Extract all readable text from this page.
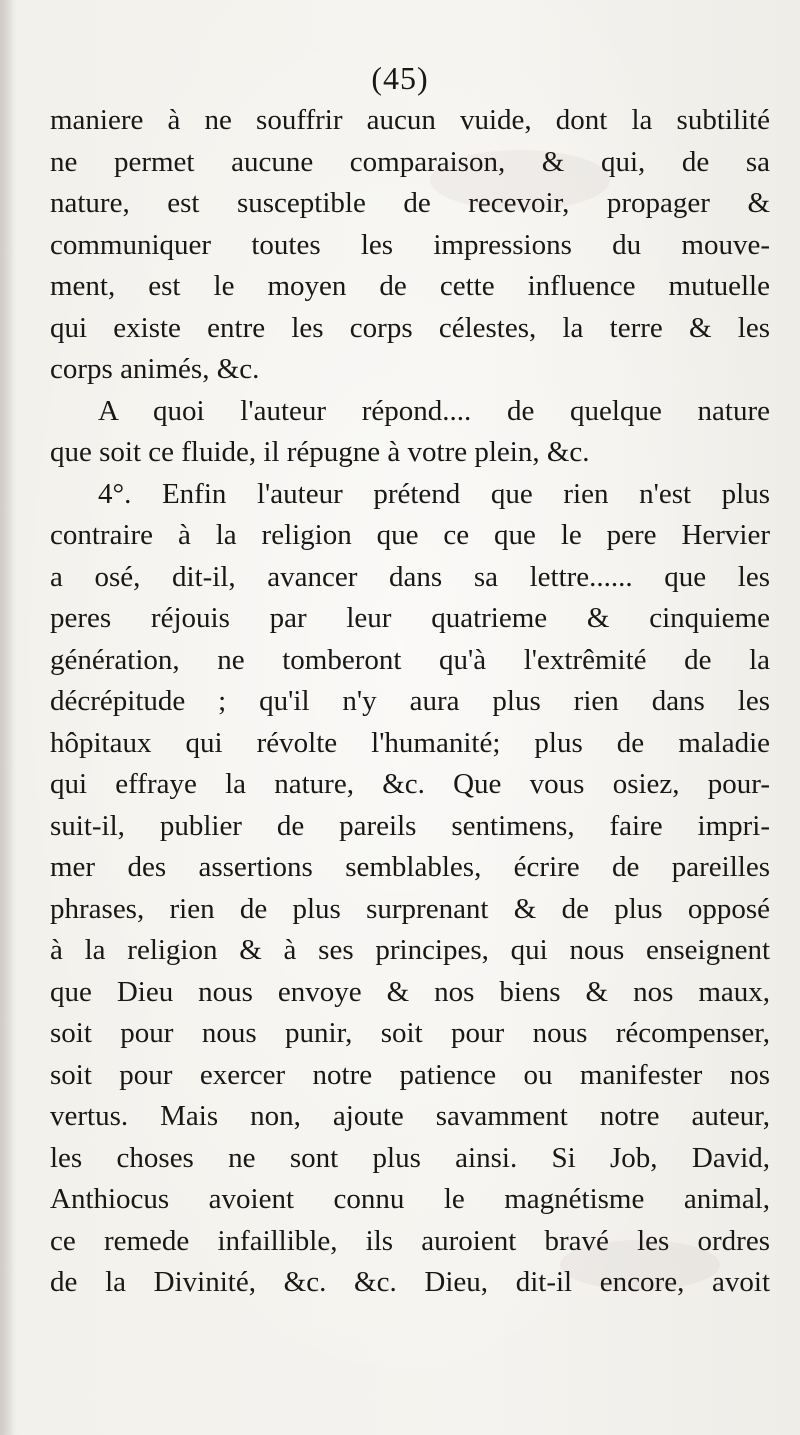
(45)
maniere à ne souffrir aucun vuide, dont la subtilité
ne permet aucune comparaison, & qui, de sa
nature, est susceptible de recevoir, propager &
communiquer toutes les impressions du mouve-
ment, est le moyen de cette influence mutuelle
qui existe entre les corps célestes, la terre & les
corps animés, &c.
A quoi l'auteur répond.... de quelque nature
que soit ce fluide, il répugne à votre plein, &c.
4°. Enfin l'auteur prétend que rien n'est plus
contraire à la religion que ce que le pere Hervier
a osé, dit-il, avancer dans sa lettre...... que les
peres réjouis par leur quatrieme & cinquieme
génération, ne tomberont qu'à l'extrêmité de la
décrépitude ; qu'il n'y aura plus rien dans les
hôpitaux qui révolte l'humanité; plus de maladie
qui effraye la nature, &c. Que vous osiez, pour-
suit-il, publier de pareils sentimens, faire impri-
mer des assertions semblables, écrire de pareilles
phrases, rien de plus surprenant & de plus opposé
à la religion & à ses principes, qui nous enseignent
que Dieu nous envoye & nos biens & nos maux,
soit pour nous punir, soit pour nous récompenser,
soit pour exercer notre patience ou manifester nos
vertus. Mais non, ajoute savamment notre auteur,
les choses ne sont plus ainsi. Si Job, David,
Anthiocus avoient connu le magnétisme animal,
ce remede infaillible, ils auroient bravé les ordres
de la Divinité, &c. &c. Dieu, dit-il encore, avoit
